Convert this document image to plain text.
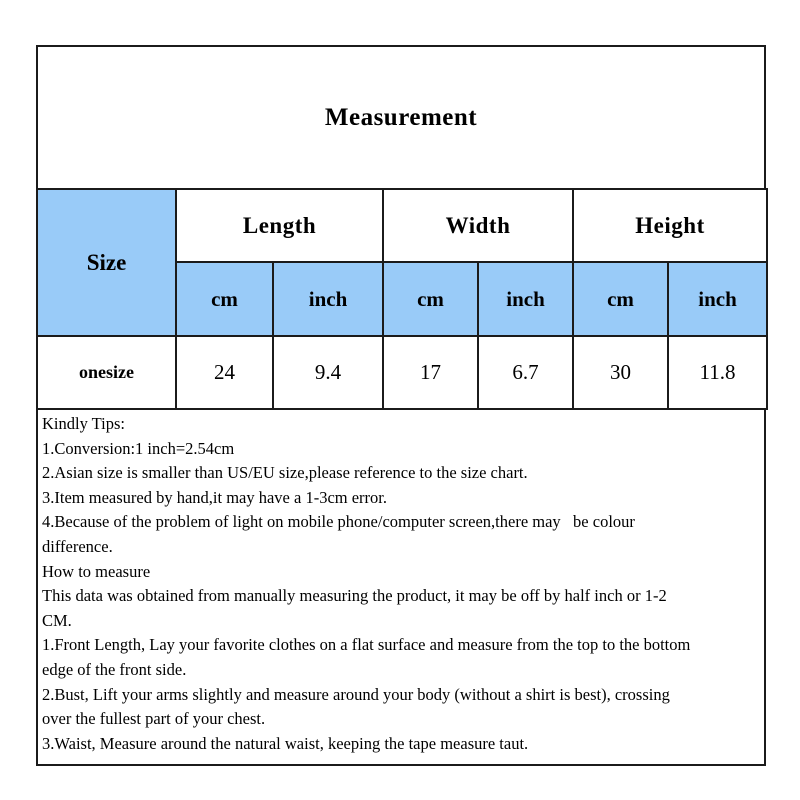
Measurement
Size	Length		Width		Height	
	cm	inch	cm	inch	cm	inch
onesize	24	9.4	17	6.7	30	11.8
Kindly Tips:
1.Conversion:1 inch=2.54cm
2.Asian size is smaller than US/EU size,please reference to the size chart.
3.Item measured by hand,it may have a 1-3cm error.
4.Because of the problem of light on mobile phone/computer screen,there may   be colour
difference.
How to measure
This data was obtained from manually measuring the product, it may be off by half inch or 1-2
CM.
1.Front Length, Lay your favorite clothes on a flat surface and measure from the top to the bottom
edge of the front side.
2.Bust, Lift your arms slightly and measure around your body (without a shirt is best), crossing
over the fullest part of your chest.
3.Waist, Measure around the natural waist, keeping the tape measure taut.
